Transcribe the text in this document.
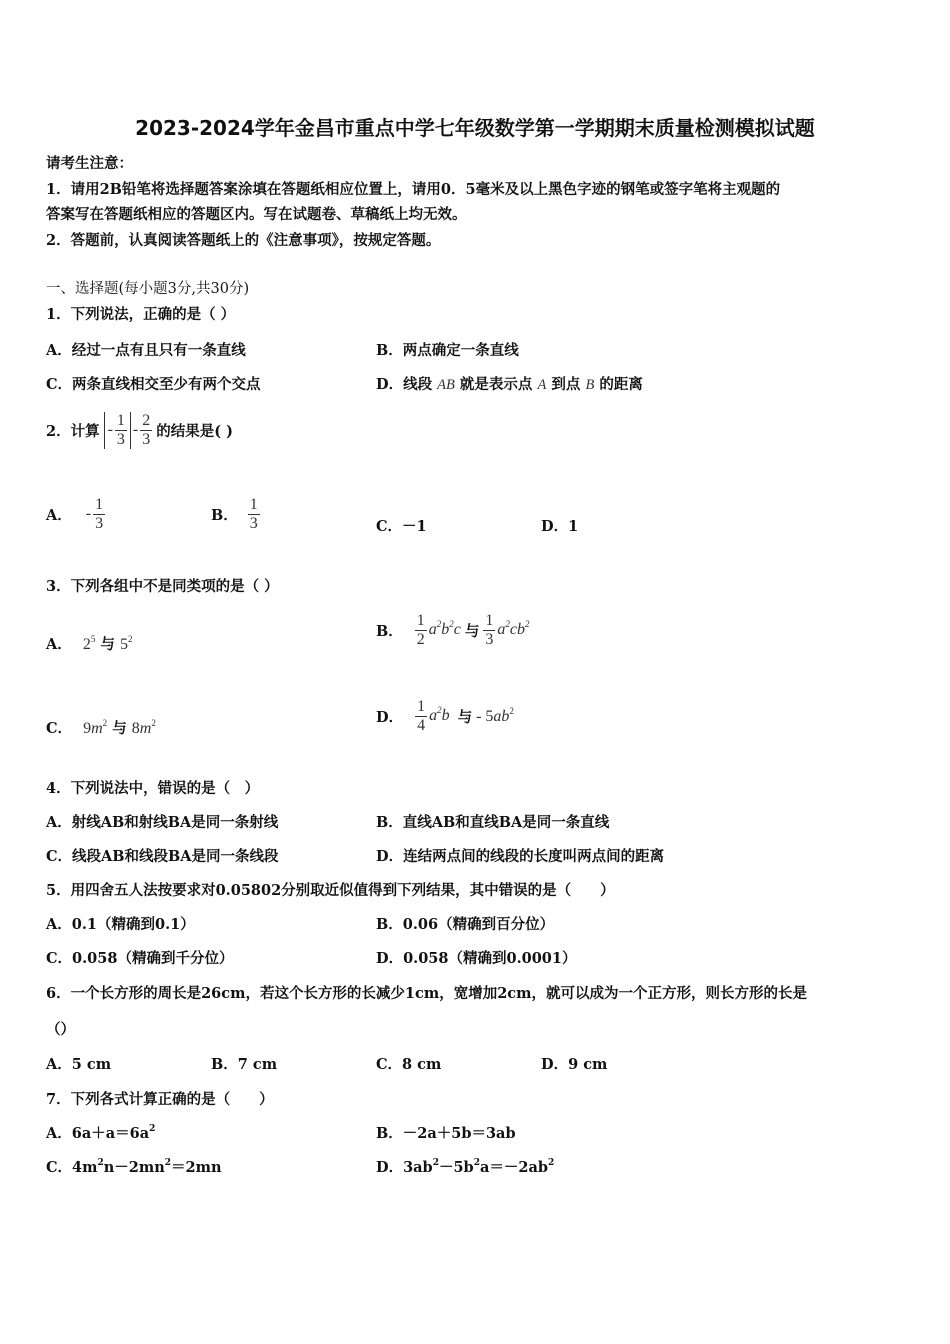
2023-2024学年金昌市重点中学七年级数学第一学期期末质量检测模拟试题
请考生注意：
1．请用2B铅笔将选择题答案涂填在答题纸相应位置上，请用0．5毫米及以上黑色字迹的钢笔或签字笔将主观题的
答案写在答题纸相应的答题区内。写在试题卷、草稿纸上均无效。
2．答题前，认真阅读答题纸上的《注意事项》，按规定答题。
一、选择题(每小题3分,共30分)
1．下列说法，正确的是（ ）
A．经过一点有且只有一条直线	B．两点确定一条直线
C．两条直线相交至少有两个交点	D．线段 AB 就是表示点 A 到点 B 的距离
2．计算 - $\frac{1}{3} - \frac{2}{3}$ 的结果是( )
A． - $\frac{1}{3}$	B． $\frac{1}{3}$	C．－1	D．1
3．下列各组中不是同类项的是（ ）
A． $2^5$ 与 $5^2$	B． $\frac{1}{2} a^2b^2c$ 与 $\frac{1}{3} a^2cb^2$
C． $9m^2$ 与 $8m^2$	D． $\frac{1}{4} a^2b$ 与 - $5ab^2$
4．下列说法中，错误的是（　）
A．射线AB和射线BA是同一条射线	B．直线AB和直线BA是同一条直线
C．线段AB和线段BA是同一条线段	D．连结两点间的线段的长度叫两点间的距离
5．用四舍五人法按要求对0.05802分别取近似值得到下列结果，其中错误的是（　　）
A．0.1（精确到0.1）	B．0.06（精确到百分位）
C．0.058（精确到千分位）	D．0.058（精确到0.0001）
6．一个长方形的周长是26cm，若这个长方形的长减少1cm，宽增加2cm，就可以成为一个正方形，则长方形的长是
（）
A．5 cm	B．7 cm	C．8 cm	D．9 cm
7．下列各式计算正确的是（　　）
A．$6a+a=6a^2$	B．－2a＋5b＝3ab
C．$4m^2n-2mn^2=2mn$	D．$3ab^2-5b^2a=-2ab^2$
